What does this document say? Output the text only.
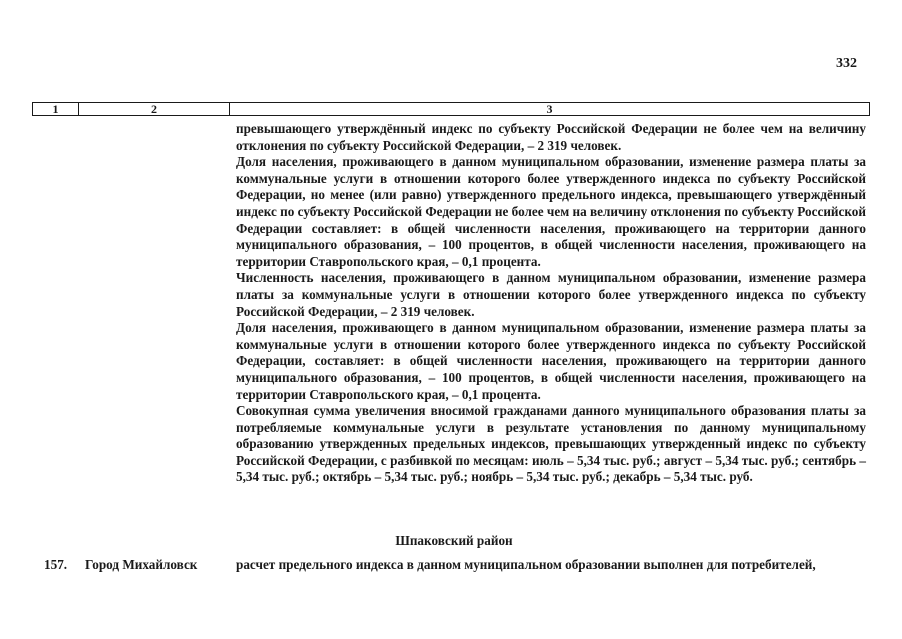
332
1	2	3

превышающего утверждённый индекс по субъекту Российской Федерации не более чем на величину отклонения по субъекту Российской Федерации, – 2 319 человек.

Доля населения, проживающего в данном муниципальном образовании, изменение размера платы за коммунальные услуги в отношении которого более утвержденного индекса по субъекту Российской Федерации, но менее (или равно) утвержденного предельного индекса, превышающего утверждённый индекс по субъекту Российской Федерации не более чем на величину отклонения по субъекту Российской Федерации составляет: в общей численности населения, проживающего на территории данного муниципального образования, – 100 процентов, в общей численности населения, проживающего на территории Ставропольского края, – 0,1 процента.

Численность населения, проживающего в данном муниципальном образовании, изменение размера платы за коммунальные услуги в отношении которого более утвержденного индекса по субъекту Российской Федерации, – 2 319 человек.

Доля населения, проживающего в данном муниципальном образовании, изменение размера платы за коммунальные услуги в отношении которого более утвержденного индекса по субъекту Российской Федерации, составляет: в общей численности населения, проживающего на территории данного муниципального образования, – 100 процентов, в общей численности населения, проживающего на территории Ставропольского края, – 0,1 процента.

Совокупная сумма увеличения вносимой гражданами данного муниципального образования платы за потребляемые коммунальные услуги в результате установления по данному муниципальному образованию утвержденных предельных индексов, превышающих утвержденный индекс по субъекту Российской Федерации, с разбивкой по месяцам: июль – 5,34 тыс. руб.; август – 5,34 тыс. руб.; сентябрь – 5,34 тыс. руб.; октябрь – 5,34 тыс. руб.; ноябрь – 5,34 тыс. руб.; декабрь – 5,34 тыс. руб.

Шпаковский район
157. Город Михайловск	расчет предельного индекса в данном муниципальном образовании выполнен для потребителей,
